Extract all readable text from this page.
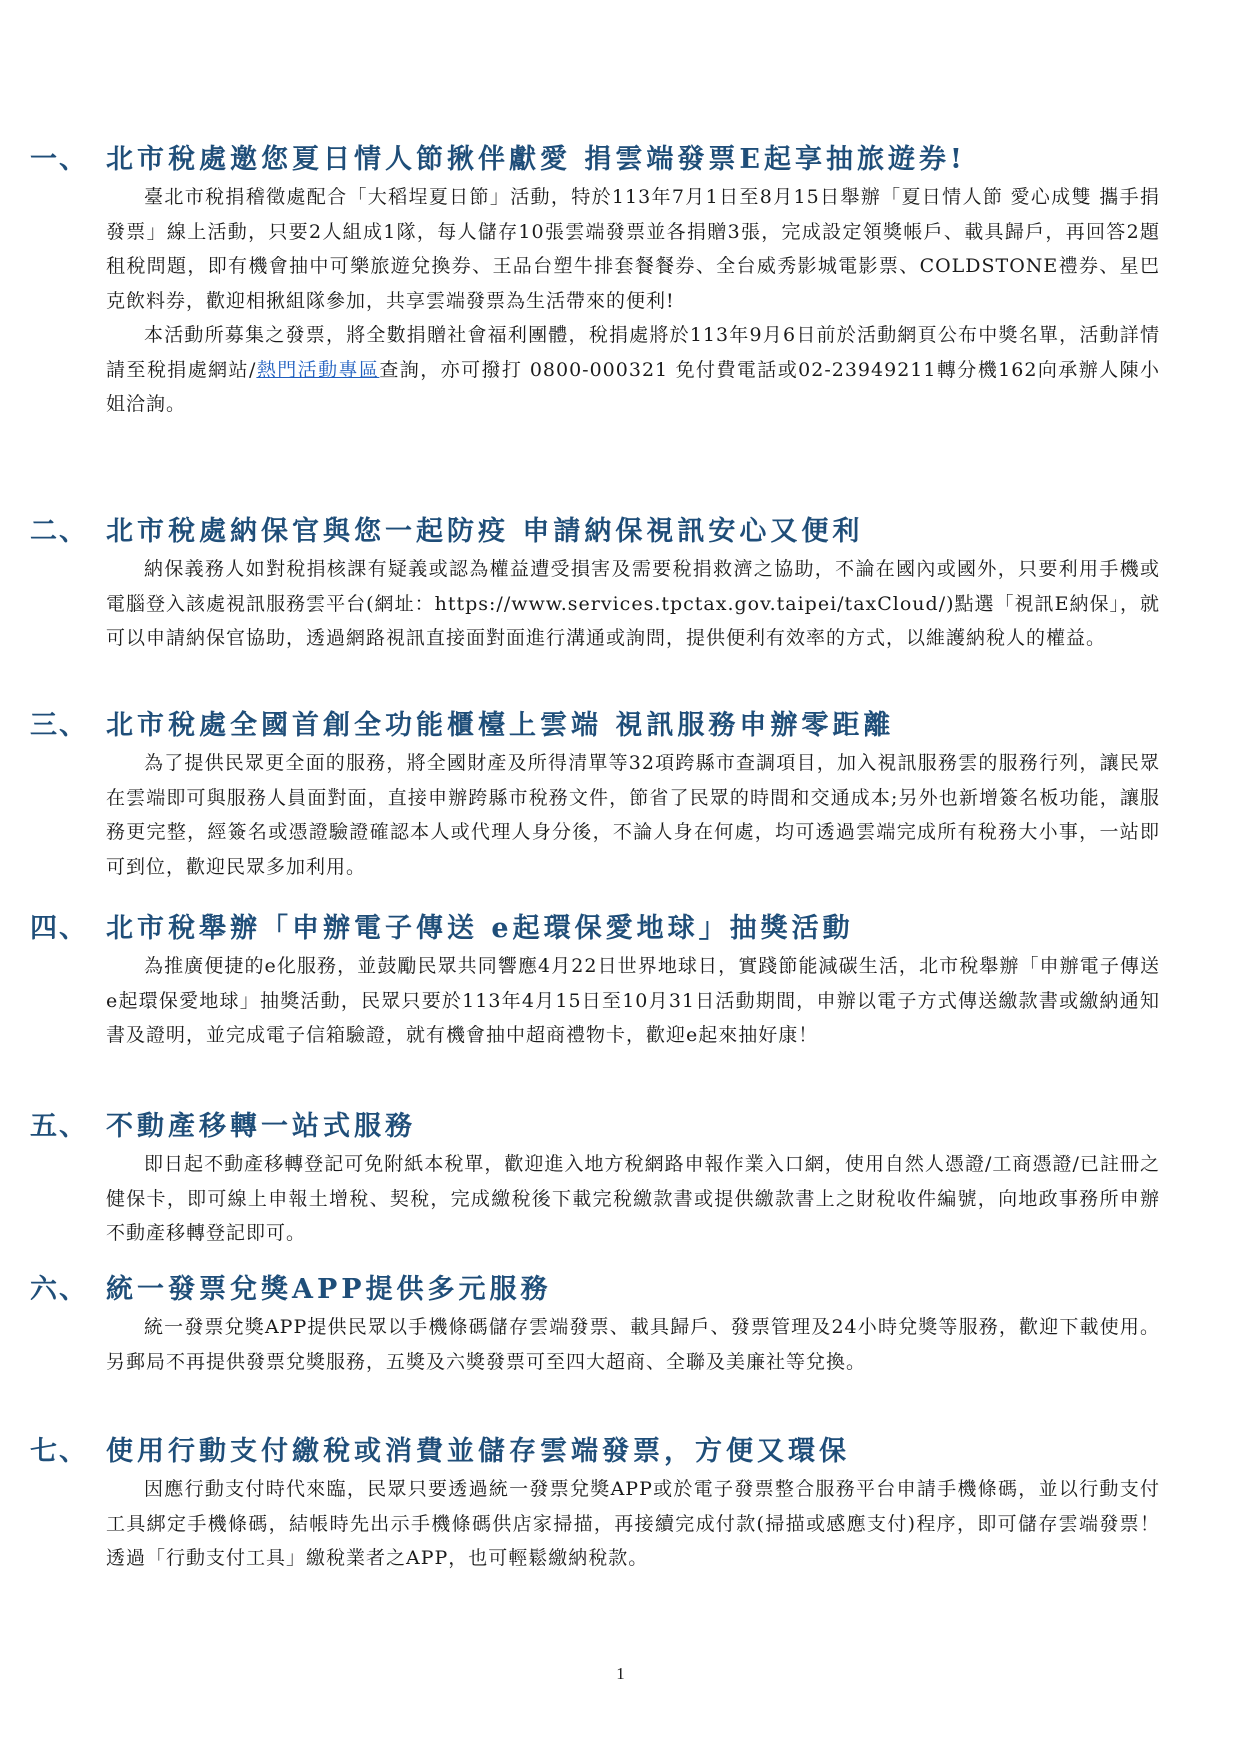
一、 北市稅處邀您夏日情人節揪伴獻愛 捐雲端發票E起享抽旅遊券!
臺北市稅捐稽徵處配合「大稻埕夏日節」活動，特於113年7月1日至8月15日舉辦「夏日情人節 愛心成雙 攜手捐發票」線上活動，只要2人組成1隊，每人儲存10張雲端發票並各捐贈3張，完成設定領獎帳戶、載具歸戶，再回答2題租稅問題，即有機會抽中可樂旅遊兌換券、王品台塑牛排套餐餐券、全台威秀影城電影票、COLDSTONE禮券、星巴克飲料券，歡迎相揪組隊參加，共享雲端發票為生活帶來的便利!
本活動所募集之發票，將全數捐贈社會福利團體，稅捐處將於113年9月6日前於活動網頁公布中獎名單，活動詳情請至稅捐處網站/熱門活動專區查詢，亦可撥打 0800-000321 免付費電話或02-23949211轉分機162向承辦人陳小姐洽詢。
二、 北市稅處納保官與您一起防疫 申請納保視訊安心又便利
納保義務人如對稅捐核課有疑義或認為權益遭受損害及需要稅捐救濟之協助，不論在國內或國外，只要利用手機或電腦登入該處視訊服務雲平台(網址：https://www.services.tpctax.gov.taipei/taxCloud/)點選「視訊E納保」，就可以申請納保官協助，透過網路視訊直接面對面進行溝通或詢問，提供便利有效率的方式，以維護納稅人的權益。
三、 北市稅處全國首創全功能櫃檯上雲端 視訊服務申辦零距離
為了提供民眾更全面的服務，將全國財產及所得清單等32項跨縣市查調項目，加入視訊服務雲的服務行列，讓民眾在雲端即可與服務人員面對面，直接申辦跨縣市稅務文件，節省了民眾的時間和交通成本;另外也新增簽名板功能，讓服務更完整，經簽名或憑證驗證確認本人或代理人身分後，不論人身在何處，均可透過雲端完成所有稅務大小事，一站即可到位，歡迎民眾多加利用。
四、 北市稅舉辦「申辦電子傳送 e起環保愛地球」抽獎活動
為推廣便捷的e化服務，並鼓勵民眾共同響應4月22日世界地球日，實踐節能減碳生活，北市稅舉辦「申辦電子傳送 e起環保愛地球」抽獎活動，民眾只要於113年4月15日至10月31日活動期間，申辦以電子方式傳送繳款書或繳納通知書及證明，並完成電子信箱驗證，就有機會抽中超商禮物卡，歡迎e起來抽好康！
五、 不動產移轉一站式服務
即日起不動產移轉登記可免附紙本稅單，歡迎進入地方稅網路申報作業入口網，使用自然人憑證/工商憑證/已註冊之健保卡，即可線上申報土增稅、契稅，完成繳稅後下載完稅繳款書或提供繳款書上之財稅收件編號，向地政事務所申辦不動產移轉登記即可。
六、 統一發票兌獎APP提供多元服務
統一發票兌獎APP提供民眾以手機條碼儲存雲端發票、載具歸戶、發票管理及24小時兌獎等服務，歡迎下載使用。另郵局不再提供發票兌獎服務，五獎及六獎發票可至四大超商、全聯及美廉社等兌換。
七、 使用行動支付繳稅或消費並儲存雲端發票，方便又環保
因應行動支付時代來臨，民眾只要透過統一發票兌獎APP或於電子發票整合服務平台申請手機條碼，並以行動支付工具綁定手機條碼，結帳時先出示手機條碼供店家掃描，再接續完成付款(掃描或感應支付)程序，即可儲存雲端發票！透過「行動支付工具」繳稅業者之APP，也可輕鬆繳納稅款。
1
